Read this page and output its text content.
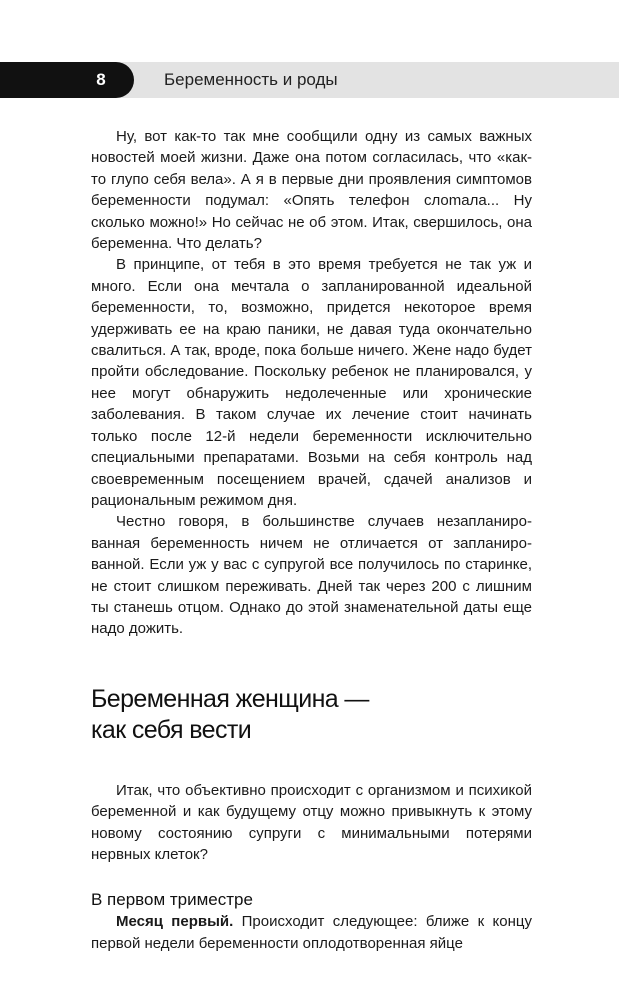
8	Беременность и роды

Ну, вот как-то так мне сообщили одну из самых важных новостей моей жизни. Даже она потом согласилась, что «как-то глупо себя вела». А я в первые дни проявления симптомов беременности подумал: «Опять телефон слоmала... Ну сколько можно!» Но сейчас не об этом. Итак, свершилось, она беременна. Что делать?

В принципе, от тебя в это время требуется не так уж и много. Если она мечтала о запланированной идеальной беременности, то, возможно, придется некоторое время удерживать ее на краю паники, не давая туда окончательно свалиться. А так, вроде, пока больше ничего. Жене надо будет пройти обследование. Поскольку ребенок не планировался, у нее могут обнаружить недолеченные или хронические заболевания. В таком случае их лечение стоит начинать только после 12-й недели беременности исключительно специальными препаратами. Возьми на себя контроль над своевременным посещением врачей, сдачей анализов и рациональным режимом дня.

Честно говоря, в большинстве случаев незапланированная беременность ничем не отличается от запланированной. Если уж у вас с супругой все получилось по старинке, не стоит слишком переживать. Дней так через 200 с лишним ты станешь отцом. Однако до этой знаменательной даты еще надо дожить.

Беременная женщина —
как себя вести

Итак, что объективно происходит с организмом и психикой беременной и как будущему отцу можно привыкнуть к этому новому состоянию супруги с минимальными потерями нервных клеток?

В первом триместре

Месяц первый. Происходит следующее: ближе к концу первой недели беременности оплодотворенная яйце
